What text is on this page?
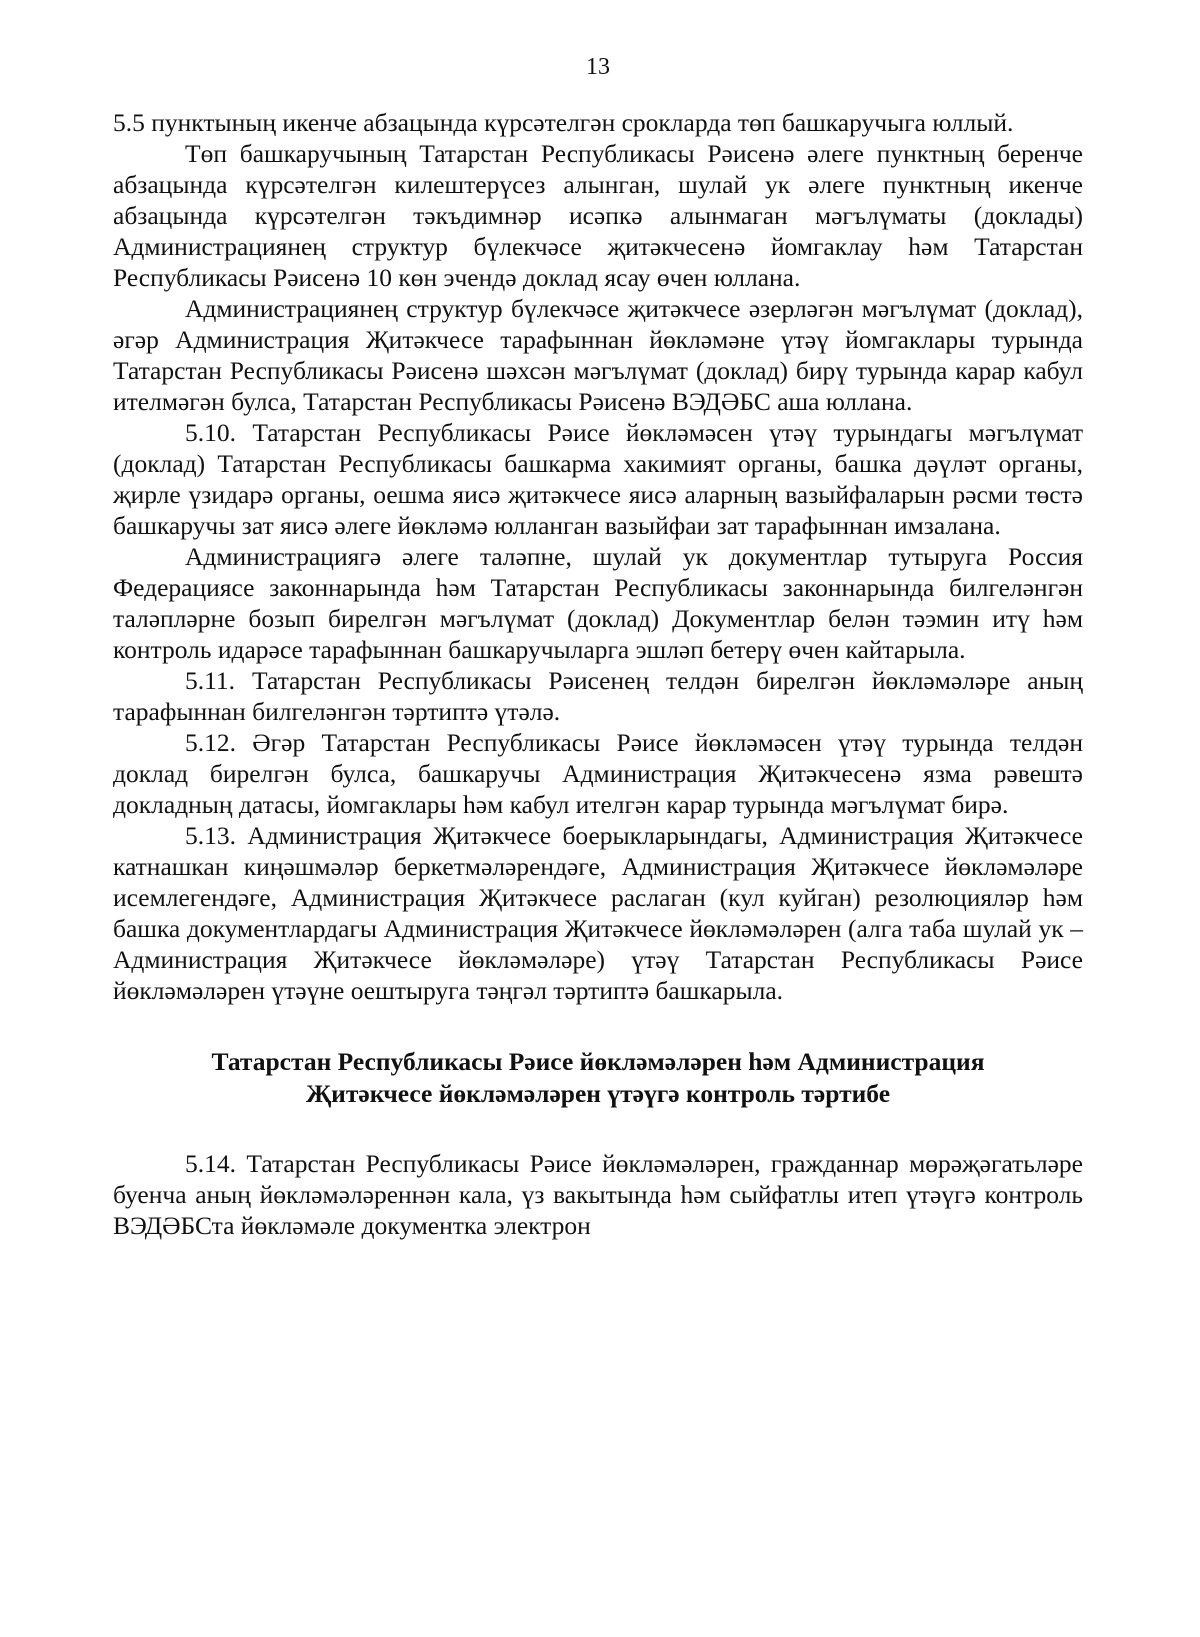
13

5.5 пунктының икенче абзацында күрсәтелгән срокларда төп башкаручыга юллый.

Төп башкаручының Татарстан Республикасы Рәисенә әлеге пунктның беренче абзацында күрсәтелгән килештерүсез алынган, шулай ук әлеге пунктның икенче абзацында күрсәтелгән тәкъдимнәр исәпкә алынмаган мәгълүматы (доклады) Администрациянең структур бүлекчәсе җитәкчесенә йомгаклау һәм Татарстан Республикасы Рәисенә 10 көн эчендә доклад ясау өчен юллана.

Администрациянең структур бүлекчәсе җитәкчесе әзерләгән мәгълүмат (доклад), әгәр Администрация Җитәкчесе тарафыннан йөкләмәне үтәү йомгаклары турында Татарстан Республикасы Рәисенә шәхсән мәгълүмат (доклад) бирү турында карар кабул ителмәгән булса, Татарстан Республикасы Рәисенә ВЭДӘБС аша юллана.

5.10. Татарстан Республикасы Рәисе йөкләмәсен үтәү турындагы мәгълүмат (доклад) Татарстан Республикасы башкарма хакимият органы, башка дәүләт органы, җирле үзидарә органы, оешма яисә җитәкчесе яисә аларның вазыйфаларын рәсми төстә башкаручы зат яисә әлеге йөкләмә юлланган вазыйфаи зат тарафыннан имзалана.

Администрациягә әлеге таләпне, шулай ук документлар тутыруга Россия Федерациясе законнарында һәм Татарстан Республикасы законнарында билгеләнгән таләпләрне бозып бирелгән мәгълүмат (доклад) Документлар белән тәэмин итү һәм контроль идарәсе тарафыннан башкаручыларга эшләп бетерү өчен кайтарыла.

5.11. Татарстан Республикасы Рәисенең телдән бирелгән йөкләмәләре аның тарафыннан билгеләнгән тәртиптә үтәлә.

5.12. Әгәр Татарстан Республикасы Рәисе йөкләмәсен үтәү турында телдән доклад бирелгән булса, башкаручы Администрация Җитәкчесенә язма рәвештә докладның датасы, йомгаклары һәм кабул ителгән карар турында мәгълүмат бирә.

5.13. Администрация Җитәкчесе боерыкларындагы, Администрация Җитәкчесе катнашкан киңәшмәләр беркетмәләрендәге, Администрация Җитәкчесе йөкләмәләре исемлегендәге, Администрация Җитәкчесе раслаган (кул куйган) резолюцияләр һәм башка документлардагы Администрация Җитәкчесе йөкләмәләрен (алга таба шулай ук – Администрация Җитәкчесе йөкләмәләре) үтәү Татарстан Республикасы Рәисе йөкләмәләрен үтәүне оештыруга тәңгәл тәртиптә башкарыла.

Татарстан Республикасы Рәисе йөкләмәләрен һәм Администрация
Җитәкчесе йөкләмәләрен үтәүгә контроль тәртибе

5.14. Татарстан Республикасы Рәисе йөкләмәләрен, гражданнар мөрәҗәгатьләре буенча аның йөкләмәләреннән кала, үз вакытында һәм сыйфатлы итеп үтәүгә контроль ВЭДӘБСта йөкләмәле документка электрон
